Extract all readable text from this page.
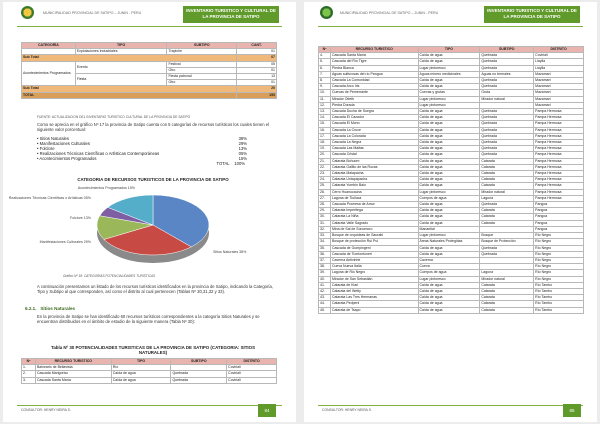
MUNICIPALIDAD PROVINCIAL DE SATIPO – JUNIN - PERU	INVENTARIO TURISTICO Y CULTURAL DE LA PROVINCIA DE SATIPO
CATEGORÍA	TIPO	SUBTIPO	CANT.
	Explotaciones Industriales	Trapiche	01
Sub Total			07
Acontecimientos Programados	Evento	Festival	05
		Otro	01
	Fiesta	Fiesta patronal	13
		Otro	01
Sub Total			20
TOTAL			153
FUENTE: ACTUALIZACION DEL INVENTARIO TURISTICO CULTURAL DE LA PROVINCIA DE SATIPO
Como se aprecia en el gráfico Nº 17 la provincia de Satipo cuenta con 5 categorías de recursos turísticos los cuales tienen el siguiente valor porcentual:
• Sitios Naturales	38%
• Manifestaciones Culturales	29%
• Folclore	13%
• Realizaciones Técnicas Científicas o Artísticas Contemporáneas	05%
• Acontecimientos Programados	15%
TOTAL 100%
CATEGORIA DE RECURSOS TURISTICOS DE LA PROVINCIA DE SATIPO
Sitios Naturales 38%
Manifestaciones Culturales 29%
Folclore 13%
Realizaciones Técnicas Científicas o Artísticas 05%
Acontecimientos Programados 15%
Gráfico Nº 18: CATEGORIAS POTENCIALIDADES TURISTICAS
A continuación presentamos un listado de los recursos turísticos identificados en la provincia de Satipo, indicando la Categoría, Tipo y Subtipo al que corresponden, así como el distrito al cual pertenecen (Tablas Nº 30,31,32 y 33).
6.2.1. Sitios Naturales
En la provincia de Satipo se han identificado 60 recursos turísticos correspondientes a la categoría Sitios Naturales y se encuentran distribuidos en el ámbito de estudio de la siguiente manera (Tabla Nº 30):
Tabla Nº 30 POTENCIALIDADES TURISTICAS DE LA PROVINCIA DE SATIPO (CATEGORIA: SITIOS NATURALES)
Nº	RECURSO TURISTICO	TIPO	SUBTIPO	DISTRITO
1.	Balneario de Bellavista	Río		Coviriali
2.	Cascada Marigoriso	Caída de agua	Quebrada	Coviriali
3.	Cascada Santa María	Caída de agua	Quebrada	Coviriali
CONSULTOR: HENRY NEIRA S.	84
MUNICIPALIDAD PROVINCIAL DE SATIPO – JUNIN - PERU	INVENTARIO TURISTICO Y CULTURAL DE LA PROVINCIA DE SATIPO
Nº	RECURSO TURISTICO	TIPO	SUBTIPO	DISTRITO
4.	Cascada Santa María	Caída de agua	Quebrada	Coviriali
5.	Cascada del Río Tigre	Caída de agua	Quebrada	Llaylla
6.	Piedra Blanca	Lugar pintoresco	Quebrada	Llaylla
7.	Aguas sulfurosas del río Pangoa	Aguas minero medicinales	Aguas no termales	Mazamari
8.	Cascada La Comunidad	Caída de agua	Quebrada	Mazamari
9.	Cascada Arco Iris	Caída de agua	Quebrada	Mazamari
10.	Cuevas de Pemerrante	Cuevas y grutas	Gruta	Mazamari
11.	Mirador Otieth	Lugar pintoresco	Mirador natural	Mazamari
12.	Piedra Dorada	Lugar pintoresco		Mazamari
13.	Cascada Ducha de Suegra	Caída de agua	Quebrada	Pampa Hermosa
14.	Cascada El Cazador	Caída de agua	Quebrada	Pampa Hermosa
15.	Cascada El Mono	Caída de agua	Quebrada	Pampa Hermosa
16.	Cascada La Cruce	Caída de agua	Quebrada	Pampa Hermosa
17.	Cascada La Colorada	Caída de agua	Quebrada	Pampa Hermosa
18.	Cascada La Negra	Caída de agua	Quebrada	Pampa Hermosa
19.	Cascada Las Maltas	Caída de agua	Quebrada	Pampa Hermosa
20.	Cascada Cristal	Caída de agua	Quebrada	Pampa Hermosa
21.	Catarata Bohuom	Caída de agua	Catarata	Pampa Hermosa
22.	Catarata Gallito de las Rocas	Caída de agua	Catarata	Pampa Hermosa
23.	Catarata Malapacha	Caída de agua	Catarata	Pampa Hermosa
24.	Catarata Untapapacha	Caída de agua	Catarata	Pampa Hermosa
25.	Catarata Yumbin Baio	Caída de agua	Catarata	Pampa Hermosa
26.	Cerro Huanucauna	Lugar pintoresco	Mirador natural	Pampa Hermosa
27.	Laguna de Tiulluca	Cuerpos de agua	Laguna	Pampa Hermosa
28.	Cascada Promesa de Amor	Caída de agua	Quebrada	Pangoa
29.	Catarata Imperitega	Caída de agua	Catarata	Pangoa
30.	Catarata La Niña	Caída de agua	Catarata	Pangoa
31.	Catarata Valle Sagrado	Caída de agua	Catarata	Pangoa
32.	Mina de Sal de Sonomoro	Manantial		Pangoa
33.	Bosque de orquídeas de Saurabi	Lugar pintoresco	Bosque	Río Negro
34.	Bosque de protección Rui Pui	Áreas Naturales Protegidas	Bosque de Protección	Río Negro
35.	Cascada de Gumpingeni	Caída de agua	Quebrada	Río Negro
36.	Cascada de Tiontontoneri	Caída de agua	Quebrada	Río Negro
37.	Caverna Antiviririe	Caverna		Río Negro
38.	Cueva Nueva Italia	Cueva		Río Negro
39.	Laguna de Rio Negro	Cuerpos de agua	Laguna	Río Negro
40.	Mirador de San Sebastián	Lugar pintoresco	Mirador natural	Río Negro
41.	Catarata de Kiari	Caída de agua	Catarata	Río Tambo
42.	Catarata del Wetty	Caída de agua	Catarata	Río Tambo
43.	Catarata Las Tres Hermanas	Caída de agua	Catarata	Río Tambo
44.	Catarata Pedpeni	Caída de agua	Catarata	Río Tambo
45.	Catarata de Tsapo	Caída de agua	Catarata	Río Tambo
CONSULTOR: HENRY NEIRA S.	85
